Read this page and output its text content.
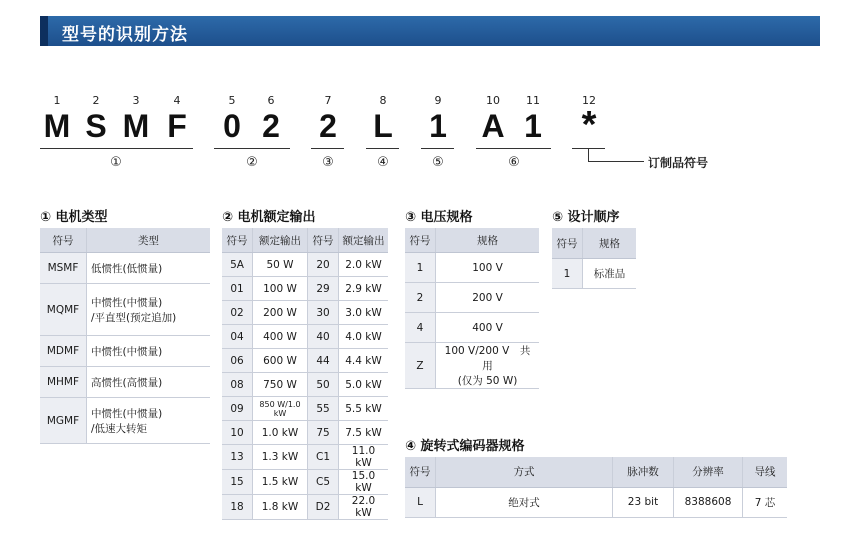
型号的识别方法
1	2	3	4	5	6	7	8	9	10 11	12
M S M F 0 2 2 L 1 A 1 *
订制品符号
①	②	③	④	⑤	⑥
① 电机类型
符号	类型
MSMF	低惯性(低惯量)
MQMF	中惯性(中惯量)
/平直型(预定追加)

MDMF	中惯性(中惯量)
MHMF	高惯性(高惯量)
MGMF	中惯性(中惯量)
/低速大转矩
② 电机额定输出
符号	额定输出	符号	额定输出
5A	50 W	20	2.0 kW
01	100 W	29	2.9 kW
02	200 W	30	3.0 kW
04	400 W	40	4.0 kW
06	600 W	44	4.4 kW
08	750 W	50	5.0 kW
09	850 W/1.0 kW	55	5.5 kW
10	1.0 kW	75	7.5 kW
13	1.3 kW	C1	11.0 kW
15	1.5 kW	C5	15.0 kW
18	1.8 kW	D2	22.0 kW
③ 电压规格
符号	规格
1	100 V
2	200 V
4	400 V
Z	100 V/200 V　共用
(仅为 50 W)
⑤ 设计顺序
符号	规格
1	标准品
④ 旋转式编码器规格
符号	方式	脉冲数	分辨率	导线
L	绝对式	23 bit	8388608	7 芯
